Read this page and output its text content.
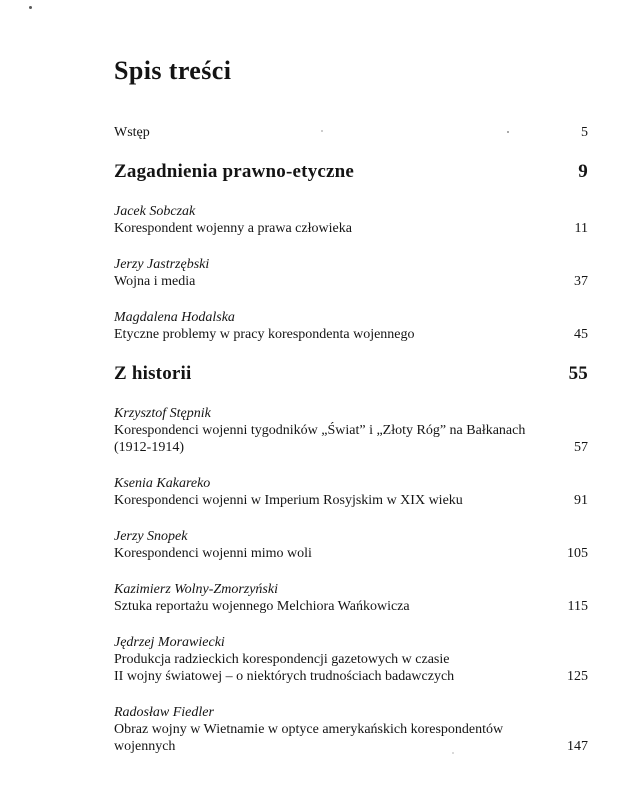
Spis treści
Wstęp	5
Zagadnienia prawno-etyczne	9
Jacek Sobczak
Korespondent wojenny a prawa człowieka	11
Jerzy Jastrzębski
Wojna i media	37
Magdalena Hodalska
Etyczne problemy w pracy korespondenta wojennego	45
Z historii	55
Krzysztof Stępnik
Korespondenci wojenni tygodników „Świat” i „Złoty Róg” na Bałkanach
(1912-1914)	57
Ksenia Kakareko
Korespondenci wojenni w Imperium Rosyjskim w XIX wieku	91
Jerzy Snopek
Korespondenci wojenni mimo woli	105
Kazimierz Wolny-Zmorzyński
Sztuka reportażu wojennego Melchiora Wańkowicza	115
Jędrzej Morawiecki
Produkcja radzieckich korespondencji gazetowych w czasie
II wojny światowej – o niektórych trudnościach badawczych	125
Radosław Fiedler
Obraz wojny w Wietnamie w optyce amerykańskich korespondentów
wojennych	147
